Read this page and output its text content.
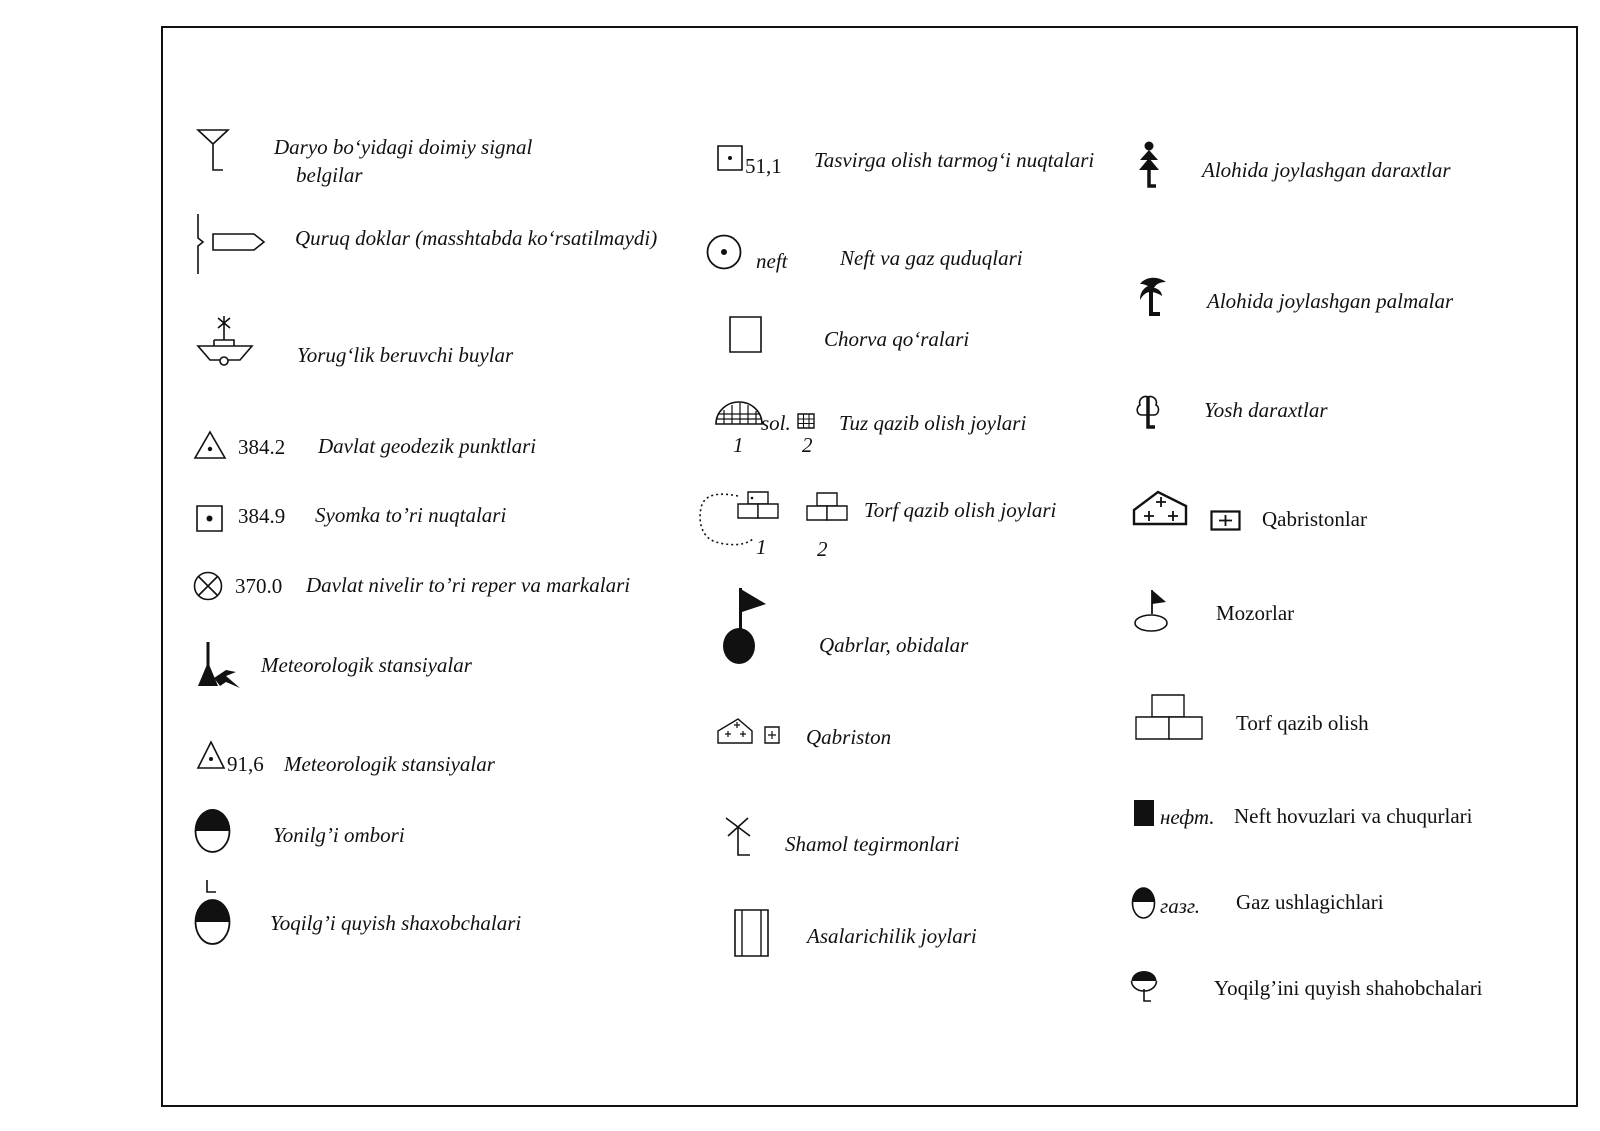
Daryo bo‘yidagi doimiy signal
belgilar
Quruq doklar (masshtabda ko‘rsatilmaydi)
Yorug‘lik beruvchi buylar
384.2 Davlat geodezik punktlari
384.9 Syomka to’ri nuqtalari
370.0 Davlat nivelir to’ri reper va markalari
Meteorologik stansiyalar
91,6 Meteorologik stansiyalar
Yonilg’i ombori
Yoqilg’i quyish shaxobchalari
51,1 Tasvirga olish tarmog‘i nuqtalari
neft	Neft va gaz quduqlari
Chorva qo‘ralari
sol.
1	2
Tuz qazib olish joylari
1 2
Torf qazib olish joylari
Qabrlar, obidalar
Qabriston
Shamol tegirmonlari
Asalarichilik joylari
Alohida joylashgan daraxtlar
Alohida joylashgan palmalar
Yosh daraxtlar
Qabristonlar
Mozorlar
Torf qazib olish
нефт. Neft hovuzlari va chuqurlari
газг. Gaz ushlagichlari
Yoqilg’ini quyish shahobchalari
